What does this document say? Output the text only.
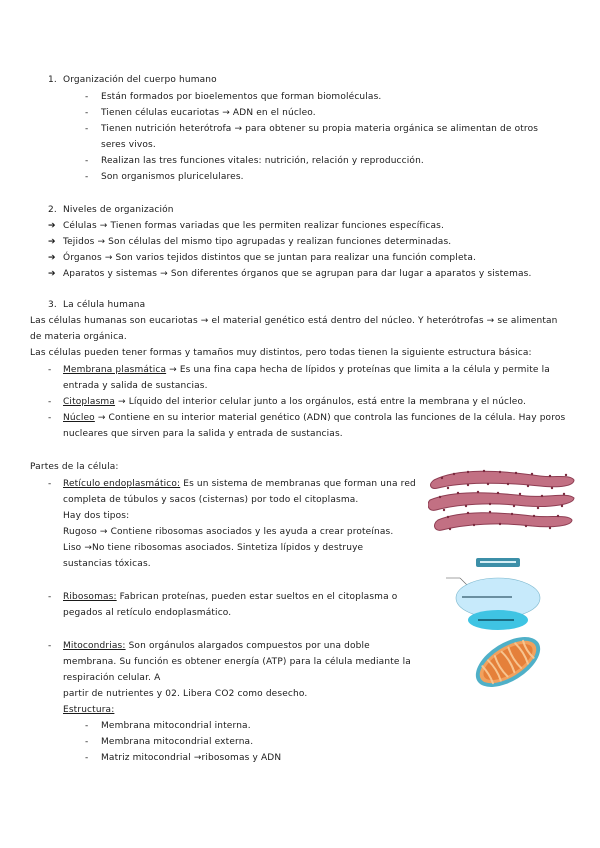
1. Organización del cuerpo humano
- Están formados por bioelementos que forman biomoléculas.
- Tienen células eucariotas → ADN en el núcleo.
- Tienen nutrición heterótrofa → para obtener su propia materia orgánica se alimentan de otros
seres vivos.
- Realizan las tres funciones vitales: nutrición, relación y reproducción.
- Son organismos pluricelulares.
2. Niveles de organización
➔ Células → Tienen formas variadas que les permiten realizar funciones específicas.
➔ Tejidos → Son células del mismo tipo agrupadas y realizan funciones determinadas.
➔ Órganos → Son varios tejidos distintos que se juntan para realizar una función completa.
➔ Aparatos y sistemas → Son diferentes órganos que se agrupan para dar lugar a aparatos y sistemas.
3. La célula humana
Las células humanas son eucariotas → el material genético está dentro del núcleo. Y heterótrofas → se alimentan
de materia orgánica.
Las células pueden tener formas y tamaños muy distintos, pero todas tienen la siguiente estructura básica:
- Membrana plasmática → Es una fina capa hecha de lípidos y proteínas que limita a la célula y permite la
entrada y salida de sustancias.
- Citoplasma → Líquido del interior celular junto a los orgánulos, está entre la membrana y el núcleo.
- Núcleo → Contiene en su interior material genético (ADN) que controla las funciones de la célula. Hay poros
nucleares que sirven para la salida y entrada de sustancias.
Partes de la célula:
- Retículo endoplasmático: Es un sistema de membranas que forman una red
completa de túbulos y sacos (cisternas) por todo el citoplasma.
Hay dos tipos:
Rugoso → Contiene ribosomas asociados y les ayuda a crear proteínas.
Liso →No tiene ribosomas asociados. Sintetiza lípidos y destruye
sustancias tóxicas.
- Ribosomas: Fabrican proteínas, pueden estar sueltos en el citoplasma o
pegados al retículo endoplasmático.
- Mitocondrias: Son orgánulos alargados compuestos por una doble
membrana. Su función es obtener energía (ATP) para la célula mediante la
respiración celular. A
partir de nutrientes y 02. Libera CO2 como desecho.
Estructura:
- Membrana mitocondrial interna.
- Membrana mitocondrial externa.
- Matriz mitocondrial →ribosomas y ADN
